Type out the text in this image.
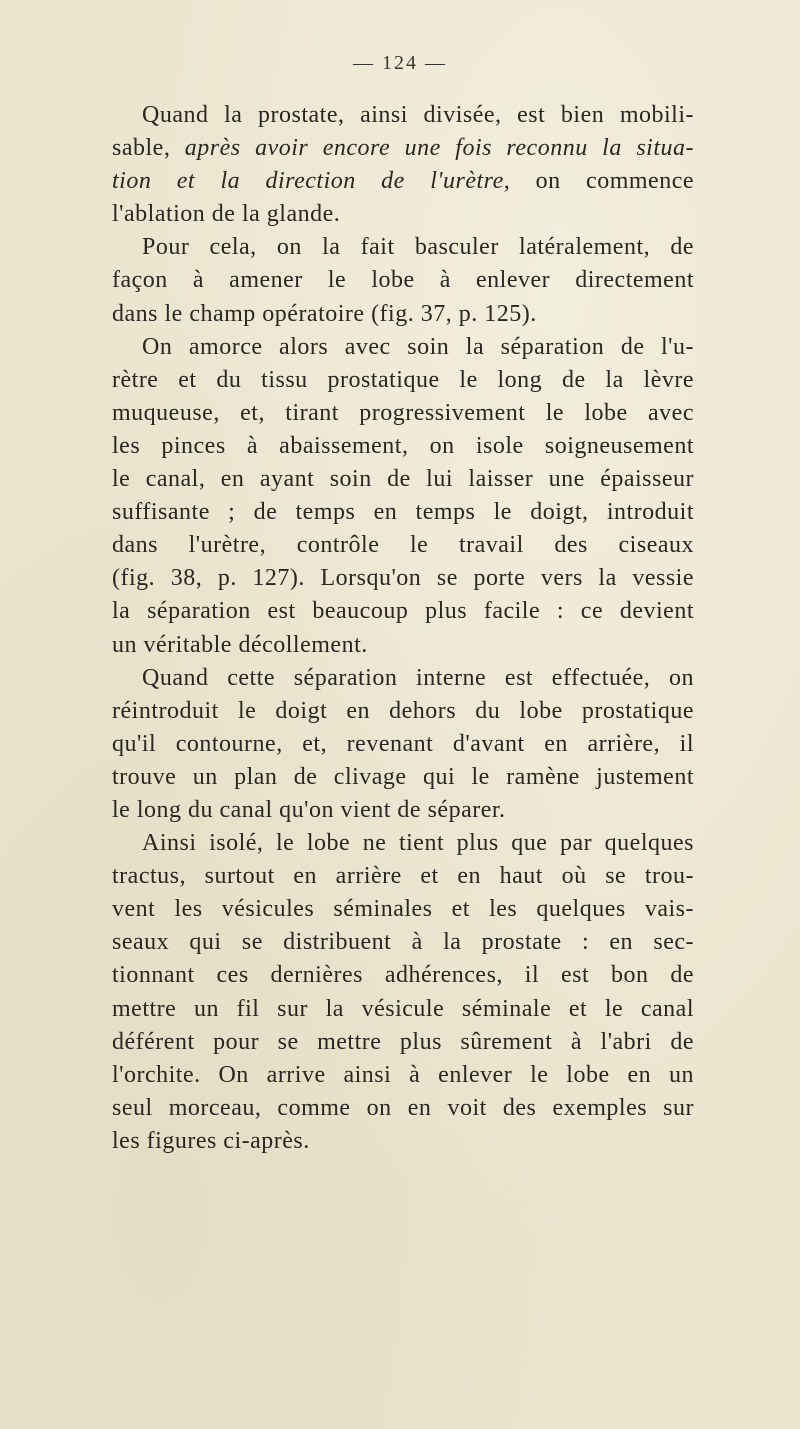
— 124 —
Quand la prostate, ainsi divisée, est bien mobili-
sable, après avoir encore une fois reconnu la situa-
tion et la direction de l'urètre, on commence
l'ablation de la glande.
Pour cela, on la fait basculer latéralement, de
façon à amener le lobe à enlever directement
dans le champ opératoire (fig. 37, p. 125).
On amorce alors avec soin la séparation de l'u-
rètre et du tissu prostatique le long de la lèvre
muqueuse, et, tirant progressivement le lobe avec
les pinces à abaissement, on isole soigneusement
le canal, en ayant soin de lui laisser une épaisseur
suffisante ; de temps en temps le doigt, introduit
dans l'urètre, contrôle le travail des ciseaux
(fig. 38, p. 127). Lorsqu'on se porte vers la vessie
la séparation est beaucoup plus facile : ce devient
un véritable décollement.
Quand cette séparation interne est effectuée, on
réintroduit le doigt en dehors du lobe prostatique
qu'il contourne, et, revenant d'avant en arrière, il
trouve un plan de clivage qui le ramène justement
le long du canal qu'on vient de séparer.
Ainsi isolé, le lobe ne tient plus que par quelques
tractus, surtout en arrière et en haut où se trou-
vent les vésicules séminales et les quelques vais-
seaux qui se distribuent à la prostate : en sec-
tionnant ces dernières adhérences, il est bon de
mettre un fil sur la vésicule séminale et le canal
déférent pour se mettre plus sûrement à l'abri de
l'orchite. On arrive ainsi à enlever le lobe en un
seul morceau, comme on en voit des exemples sur
les figures ci-après.
